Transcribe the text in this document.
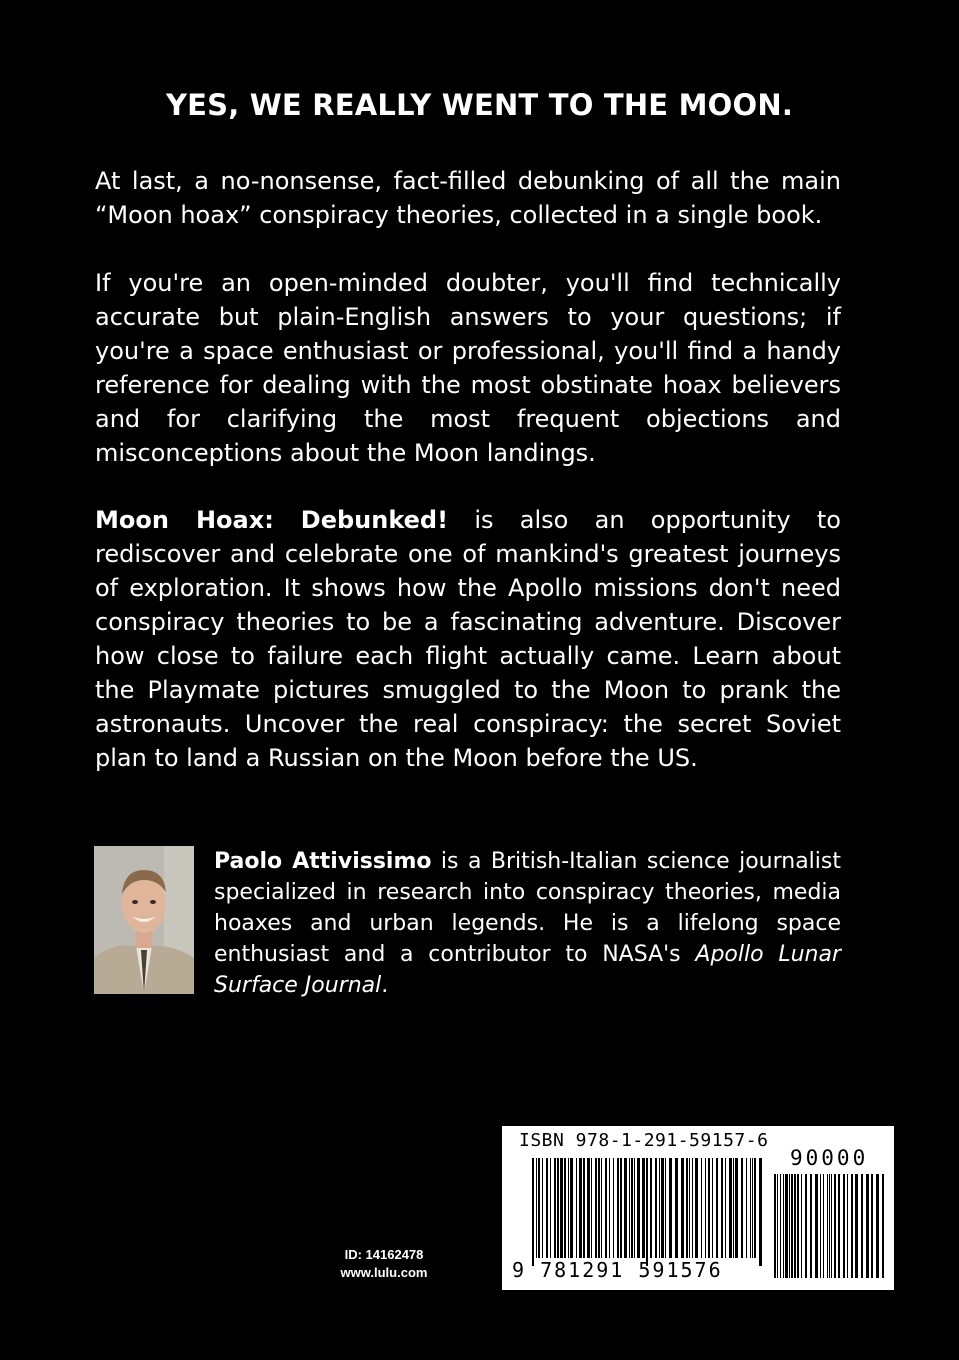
YES, WE REALLY WENT TO THE MOON.

At last, a no-nonsense, fact-filled debunking of all the main “Moon hoax” conspiracy theories, collected in a single book.

If you're an open-minded doubter, you'll find technically accurate but plain-English answers to your questions; if you're a space enthusiast or professional, you'll find a handy reference for dealing with the most obstinate hoax believers and for clarifying the most frequent objections and misconceptions about the Moon landings.

Moon Hoax: Debunked! is also an opportunity to rediscover and celebrate one of mankind's greatest journeys of exploration. It shows how the Apollo missions don't need conspiracy theories to be a fascinating adventure. Discover how close to failure each flight actually came. Learn about the Playmate pictures smuggled to the Moon to prank the astronauts. Uncover the real conspiracy: the secret Soviet plan to land a Russian on the Moon before the US.

Paolo Attivissimo is a British-Italian science journalist specialized in research into conspiracy theories, media hoaxes and urban legends. He is a lifelong space enthusiast and a contributor to NASA's Apollo Lunar Surface Journal.

ID: 14162478
www.lulu.com
ISBN 978-1-291-59157-6
90000
9 781291 591576
